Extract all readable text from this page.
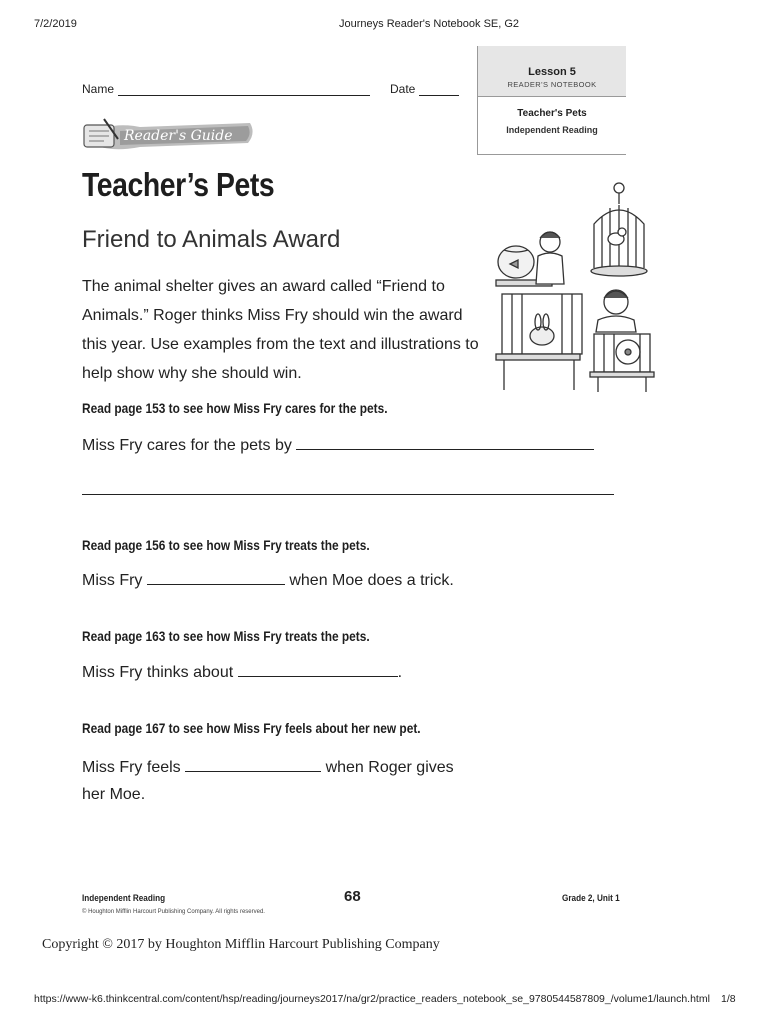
7/2/2019	Journeys Reader's Notebook SE, G2
Lesson 5
READER'S NOTEBOOK
Teacher's Pets
Independent Reading
Name	Date
Reader's Guide
Teacher’s Pets
Friend to Animals Award
The animal shelter gives an award called “Friend to Animals.” Roger thinks Miss Fry should win the award this year. Use examples from the text and illustrations to help show why she should win.
Read page 153 to see how Miss Fry cares for the pets.
Miss Fry cares for the pets by
Read page 156 to see how Miss Fry treats the pets.
Miss Fry	when Moe does a trick.
Read page 163 to see how Miss Fry treats the pets.
Miss Fry thinks about	.
Read page 167 to see how Miss Fry feels about her new pet.
Miss Fry feels	when Roger gives
her Moe.
Independent Reading	68	Grade 2, Unit 1
© Houghton Mifflin Harcourt Publishing Company. All rights reserved.
Copyright © 2017 by Houghton Mifflin Harcourt Publishing Company
https://www-k6.thinkcentral.com/content/hsp/reading/journeys2017/na/gr2/practice_readers_notebook_se_9780544587809_/volume1/launch.html 1/8
